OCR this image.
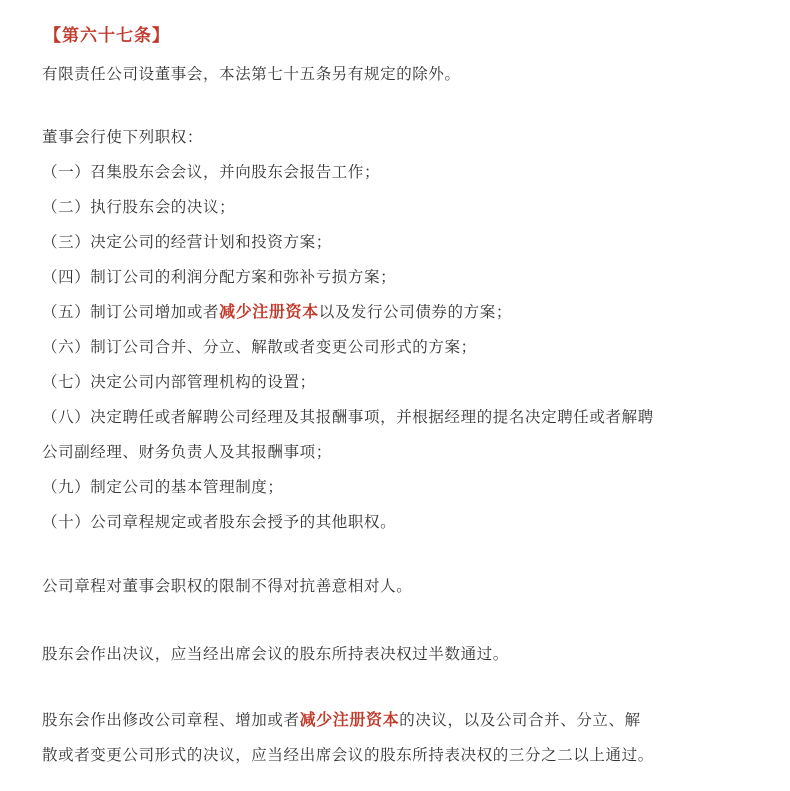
【第六十七条】
有限责任公司设董事会，本法第七十五条另有规定的除外。
董事会行使下列职权：
（一）召集股东会会议，并向股东会报告工作；
（二）执行股东会的决议；
（三）决定公司的经营计划和投资方案；
（四）制订公司的利润分配方案和弥补亏损方案；
（五）制订公司增加或者减少注册资本以及发行公司债券的方案；
（六）制订公司合并、分立、解散或者变更公司形式的方案；
（七）决定公司内部管理机构的设置；
（八）决定聘任或者解聘公司经理及其报酬事项，并根据经理的提名决定聘任或者解聘
公司副经理、财务负责人及其报酬事项；
（九）制定公司的基本管理制度；
（十）公司章程规定或者股东会授予的其他职权。
公司章程对董事会职权的限制不得对抗善意相对人。
股东会作出决议，应当经出席会议的股东所持表决权过半数通过。
股东会作出修改公司章程、增加或者减少注册资本的决议，以及公司合并、分立、解
散或者变更公司形式的决议，应当经出席会议的股东所持表决权的三分之二以上通过。
